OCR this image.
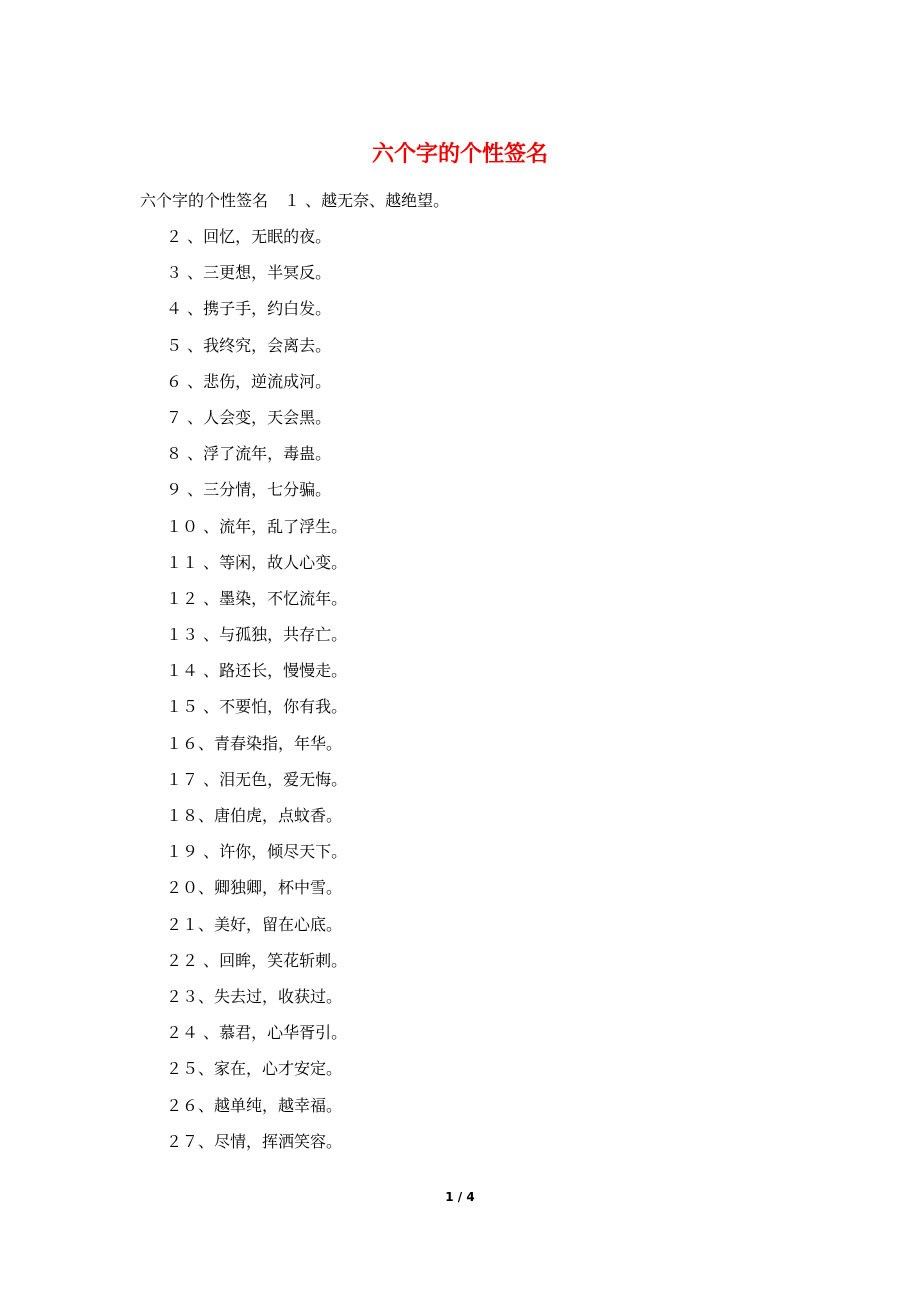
六个字的个性签名
六个字的个性签名　１ 、越无奈、越绝望。
２ 、回忆，无眠的夜。
３ 、三更想，半冥反。
４ 、携子手，约白发。
５ 、我终究，会离去。
６ 、悲伤，逆流成河。
７ 、人会变，天会黑。
８ 、浮了流年，毒蛊。
９ 、三分情，七分骗。
１０ 、流年，乱了浮生。
１１ 、等闲，故人心变。
１２ 、墨染，不忆流年。
１３ 、与孤独，共存亡。
１４ 、路还长，慢慢走。
１５ 、不要怕，你有我。
１６、青春染指，年华。
１７ 、泪无色，爱无悔。
１８、唐伯虎，点蚊香。
１９ 、许你，倾尽天下。
２０、卿独卿，杯中雪。
２１、美好，留在心底。
２２ 、回眸，笑花斩刺。
２３、失去过，收获过。
２４ 、慕君，心华胥引。
２５、家在，心才安定。
２６、越单纯，越幸福。
２７、尽情，挥洒笑容。
1 / 4
